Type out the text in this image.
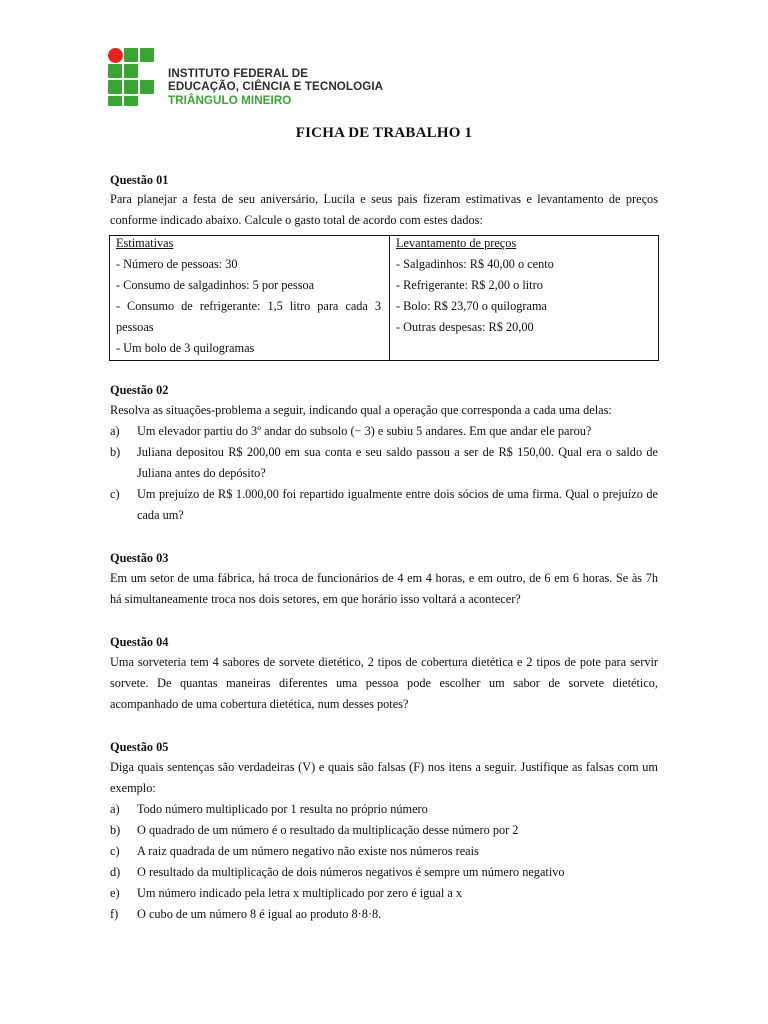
INSTITUTO FEDERAL DE
EDUCAÇÃO, CIÊNCIA E TECNOLOGIA
TRIÂNGULO MINEIRO
FICHA DE TRABALHO 1
Questão 01

Para planejar a festa de seu aniversário, Lucila e seus pais fizeram estimativas e levantamento de preços conforme indicado abaixo. Calcule o gasto total de acordo com estes dados:

Estimativas
- Número de pessoas: 30
- Consumo de salgadinhos: 5 por pessoa
- Consumo de refrigerante: 1,5 litro para cada 3
pessoas
- Um bolo de 3 quilogramas
Levantamento de preços
- Salgadinhos: R$ 40,00 o cento
- Refrigerante: R$ 2,00 o litro
- Bolo: R$ 23,70 o quilograma
- Outras despesas: R$ 20,00
Questão 02

Resolva as situações-problema a seguir, indicando qual a operação que corresponda a cada uma delas:

a)	Um elevador partiu do 3º andar do subsolo (− 3) e subiu 5 andares. Em que andar ele parou?
b)	Juliana depositou R$ 200,00 em sua conta e seu saldo passou a ser de R$ 150,00. Qual era o saldo de Juliana antes do depósito?
c)	Um prejuízo de R$ 1.000,00 foi repartido igualmente entre dois sócios de uma firma. Qual o prejuízo de cada um?
Questão 03

Em um setor de uma fábrica, há troca de funcionários de 4 em 4 horas, e em outro, de 6 em 6 horas. Se às 7h há simultaneamente troca nos dois setores, em que horário isso voltará a acontecer?

Questão 04

Uma sorveteria tem 4 sabores de sorvete dietético, 2 tipos de cobertura dietética e 2 tipos de pote para servir sorvete. De quantas maneiras diferentes uma pessoa pode escolher um sabor de sorvete dietético, acompanhado de uma cobertura dietética, num desses potes?

Questão 05

Diga quais sentenças são verdadeiras (V) e quais são falsas (F) nos itens a seguir. Justifique as falsas com um exemplo:

a)	Todo número multiplicado por 1 resulta no próprio número
b)	O quadrado de um número é o resultado da multiplicação desse número por 2
c)	A raiz quadrada de um número negativo não existe nos números reais
d)	O resultado da multiplicação de dois números negativos é sempre um número negativo
e)	Um número indicado pela letra x multiplicado por zero é igual a x
f)	O cubo de um número 8 é igual ao produto 8·8·8.
